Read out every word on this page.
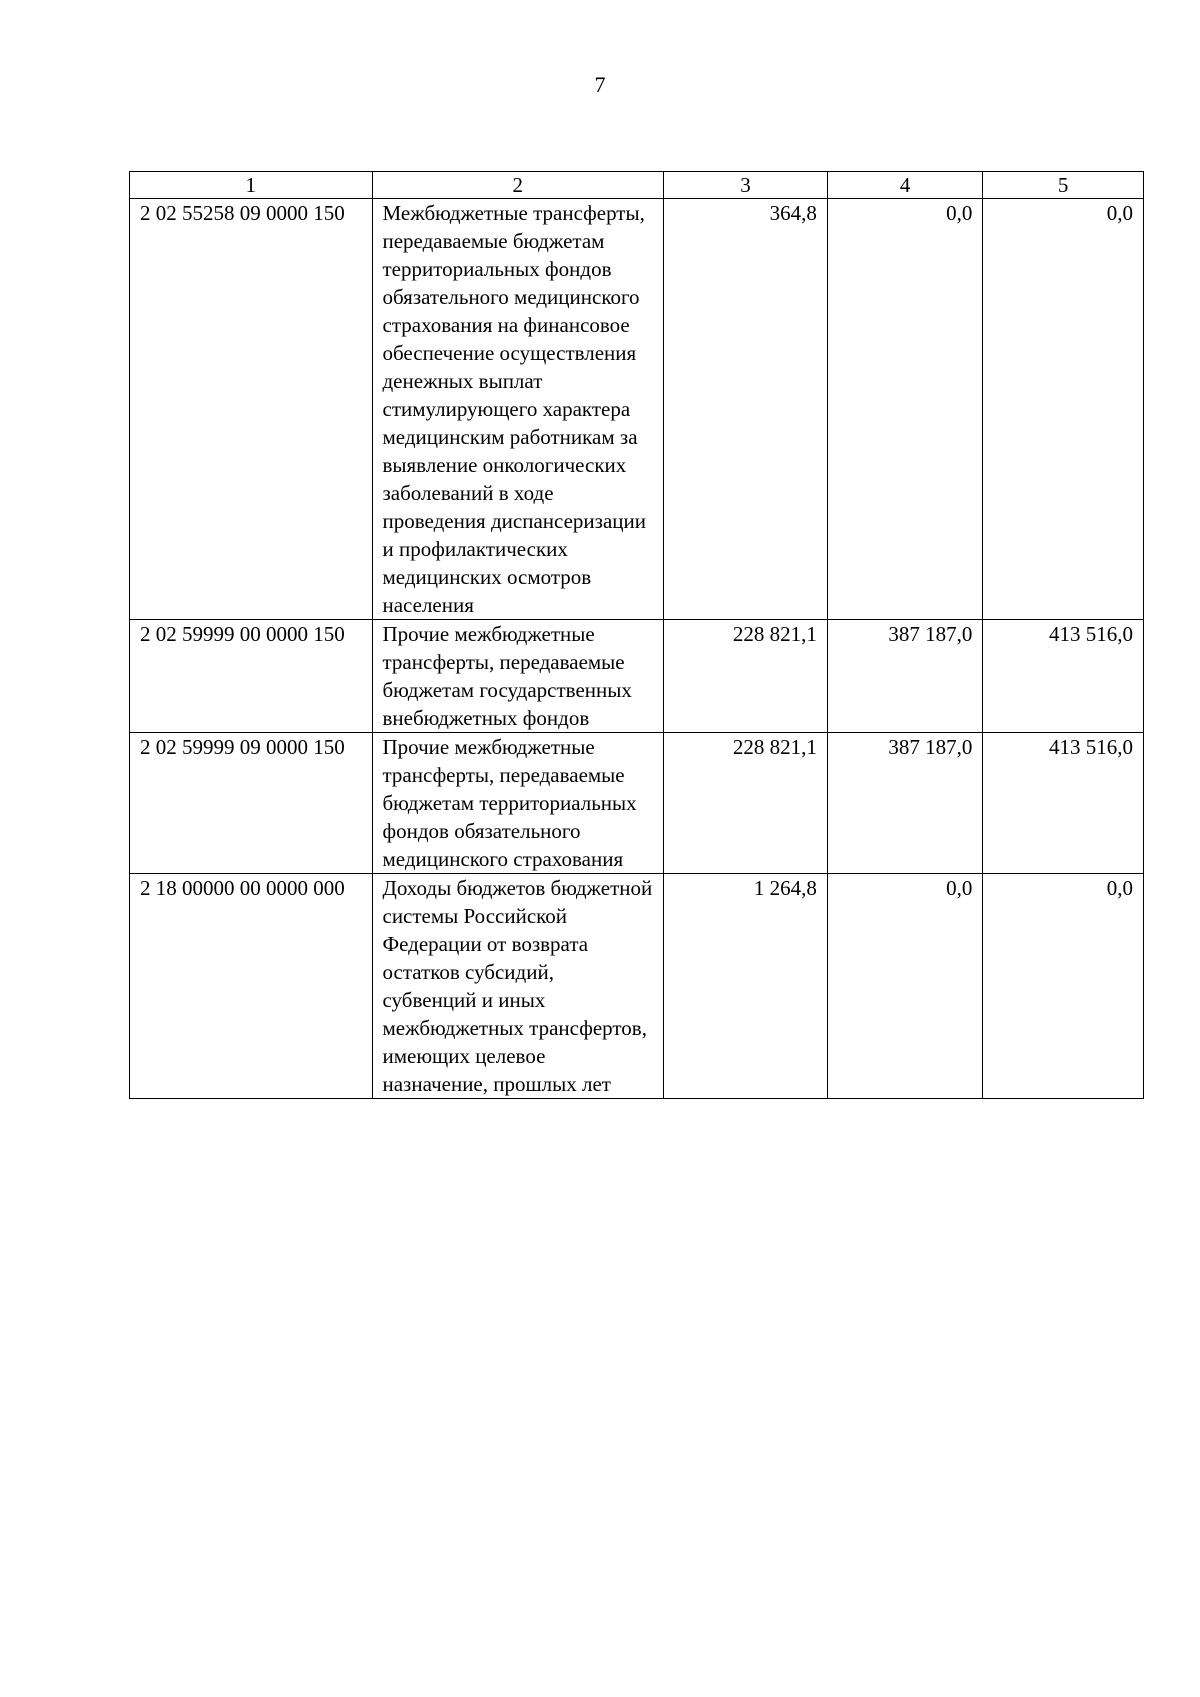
7
1	2	3	4	5
2 02 55258 09 0000 150	Межбюджетные трансферты, передаваемые бюджетам территориальных фондов обязательного медицинского страхования на финансовое обеспечение осуществления денежных выплат стимулирующего характера медицинским работникам за выявление онкологических заболеваний в ходе проведения диспансеризации и профилактических медицинских осмотров населения	364,8	0,0	0,0
2 02 59999 00 0000 150	Прочие межбюджетные трансферты, передаваемые бюджетам государственных внебюджетных фондов	228 821,1	387 187,0	413 516,0
2 02 59999 09 0000 150	Прочие межбюджетные трансферты, передаваемые бюджетам территориальных фондов обязательного медицинского страхования	228 821,1	387 187,0	413 516,0
2 18 00000 00 0000 000	Доходы бюджетов бюджетной системы Российской Федерации от возврата остатков субсидий, субвенций и иных межбюджетных трансфертов, имеющих целевое назначение, прошлых лет	1 264,8	0,0	0,0
